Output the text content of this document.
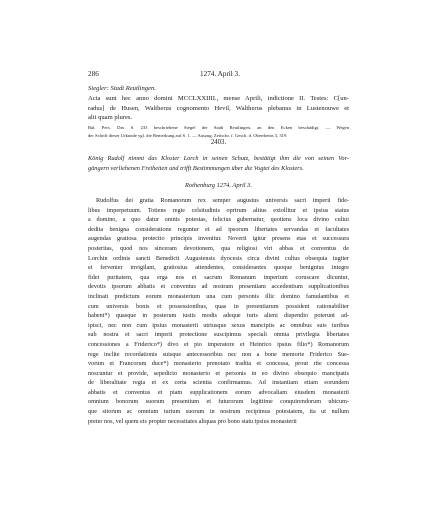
286	1274. April 3.
Siegler: Stadt Reutlingen.
Acta sunt hec anno domini MCCLXXIIII., mense Aprili, indictione II. Testes: C[un-
radus] de Husen, Waltherus cognomento Hevil, Waltherus plebanus in Lustenouwe et
alii quam plures.
Bal. Pers. Das S. 233 beschriebene Siegel der Stadt Reutlingen, an den Ecken beschädigt. — Wegen
der Schrift dieser Urkunde vgl. die Bemerkung auf S. 1. — Auszug: Zeitschr. f. Gesch. d. Oberrheins 3, 319.
2403.
König Rudolf nimmt das Kloster Lorch in seinen Schutz, bestätigt ihm die von seinen Vor-
gängern verliehenen Freiheiten und trifft Bestimmungen über die Vogtei des Klosters.
Rothenburg 1274. April 3.
Rudolfus dei gratia Romanorum rex semper augustus universis sacri imperii fide-
libus imperpetuum. Totiens regie celsitudinis oprtrum altius extollitur et ipsius status
a domino, a quo datur omnis potestas, felicius gubernatur, quotiens loca divino cultui
dedita benigna consideratione reguntur et ad ipsorum libertates servandas et facultates
augendas gratiosa protectio principis invenitur. Noverit igitur presens etas et successura
posteritas, quod nos sinceram devotionem, qua religiosi viri abbas et conventus de
Lorchin ordinis sancti Benedicti Augustensis dyocesis circa divini cultus obsequia iugiter
et fervenier invigilant, gratiosius attendentes, considerantes quoque benignius integre
fidei puritatem, qua erga nos et sacrum Romanum imperium coruscare dicuntur,
devotis ipsorum abbatis et conventus ad nostram presentiam accedentium supplicationibus
inclinati predictum eorum monasterium una cum personis illic domino famulantibus et
cum universis bonis et possessionibus, quas in presentiarum possident rationabiliter
habent*) quasque in posterum iustis modis adeque iuris alieni dispendio poterunt ad-
ipisci, nec non cum ipsius monasterii utriusque sexus mancipiis ac omnibus suis iuribus
sub nostra et sacri imperii protectione suscipimus speciali omnia privilegia libertates
concessiones a Friderico*) divo et pio imperatore et Heinrico ipsius filio*) Romanorum
rege inclite recordationis suisque antecessoribus nec non a bone memorie Friderico Sue-
vorum et Francorum duce*) monasterio prenotato tradita et concessa, prout rite concessa
noscuntur et provide, sepedicto monasterio et personis in eo divino obsequio mancipatis
de liberalitate regia et ex certa scientia confirmamus. Ad instantiam etiam eorundem
abbatis et conventus et piam supplicationem eorum advocaliam eiusdem monasterii
omnium bonorum suorum presentium et futurorum legittime conquirendorum ubicum-
que sitorum ac omnium iurium suorum in nostrum recipimus potestatem, ita ut nullum
preter nos, vel quem eis propter necessitates aliquas pro bono statu ipsius monasterii
